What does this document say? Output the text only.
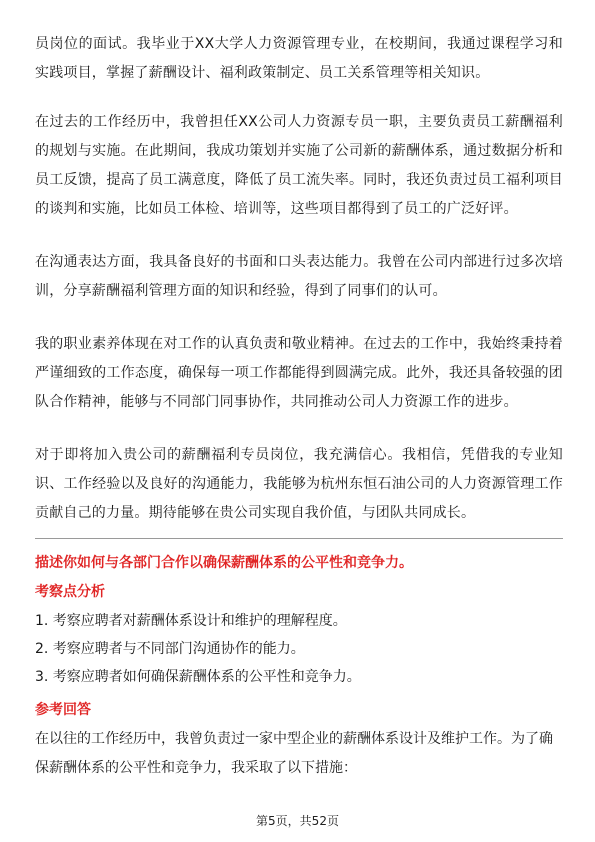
员岗位的面试。我毕业于XX大学人力资源管理专业，在校期间，我通过课程学习和实践项目，掌握了薪酬设计、福利政策制定、员工关系管理等相关知识。

在过去的工作经历中，我曾担任XX公司人力资源专员一职，主要负责员工薪酬福利的规划与实施。在此期间，我成功策划并实施了公司新的薪酬体系，通过数据分析和员工反馈，提高了员工满意度，降低了员工流失率。同时，我还负责过员工福利项目的谈判和实施，比如员工体检、培训等，这些项目都得到了员工的广泛好评。

在沟通表达方面，我具备良好的书面和口头表达能力。我曾在公司内部进行过多次培训，分享薪酬福利管理方面的知识和经验，得到了同事们的认可。

我的职业素养体现在对工作的认真负责和敬业精神。在过去的工作中，我始终秉持着严谨细致的工作态度，确保每一项工作都能得到圆满完成。此外，我还具备较强的团队合作精神，能够与不同部门同事协作，共同推动公司人力资源工作的进步。

对于即将加入贵公司的薪酬福利专员岗位，我充满信心。我相信，凭借我的专业知识、工作经验以及良好的沟通能力，我能够为杭州东恒石油公司的人力资源管理工作贡献自己的力量。期待能够在贵公司实现自我价值，与团队共同成长。

描述你如何与各部门合作以确保薪酬体系的公平性和竞争力。
考察点分析
1. 考察应聘者对薪酬体系设计和维护的理解程度。
2. 考察应聘者与不同部门沟通协作的能力。
3. 考察应聘者如何确保薪酬体系的公平性和竞争力。
参考回答

在以往的工作经历中，我曾负责过一家中型企业的薪酬体系设计及维护工作。为了确保薪酬体系的公平性和竞争力，我采取了以下措施：

第5页，共52页
